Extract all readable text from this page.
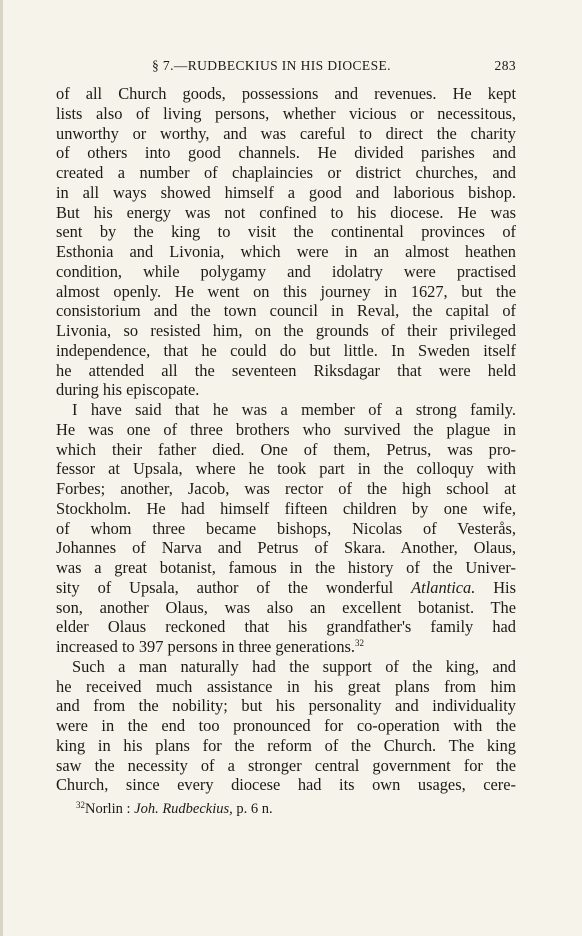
§ 7.—RUDBECKIUS IN HIS DIOCESE.	283
of all Church goods, possessions and revenues. He kept
lists also of living persons, whether vicious or necessitous,
unworthy or worthy, and was careful to direct the charity
of others into good channels. He divided parishes and
created a number of chaplaincies or district churches, and
in all ways showed himself a good and laborious bishop.
But his energy was not confined to his diocese. He was
sent by the king to visit the continental provinces of
Esthonia and Livonia, which were in an almost heathen
condition, while polygamy and idolatry were practised
almost openly. He went on this journey in 1627, but the
consistorium and the town council in Reval, the capital of
Livonia, so resisted him, on the grounds of their privileged
independence, that he could do but little. In Sweden itself
he attended all the seventeen Riksdagar that were held
during his episcopate.
I have said that he was a member of a strong family.
He was one of three brothers who survived the plague in
which their father died. One of them, Petrus, was pro-
fessor at Upsala, where he took part in the colloquy with
Forbes; another, Jacob, was rector of the high school at
Stockholm. He had himself fifteen children by one wife,
of whom three became bishops, Nicolas of Vesterås,
Johannes of Narva and Petrus of Skara. Another, Olaus,
was a great botanist, famous in the history of the Univer-
sity of Upsala, author of the wonderful Atlantica. His
son, another Olaus, was also an excellent botanist. The
elder Olaus reckoned that his grandfather's family had
increased to 397 persons in three generations.$^{32}$
Such a man naturally had the support of the king, and
he received much assistance in his great plans from him
and from the nobility; but his personality and individuality
were in the end too pronounced for co-operation with the
king in his plans for the reform of the Church. The king
saw the necessity of a stronger central government for the
Church, since every diocese had its own usages, cere-
$^{32}$Norlin : Joh. Rudbeckius, p. 6 n.
